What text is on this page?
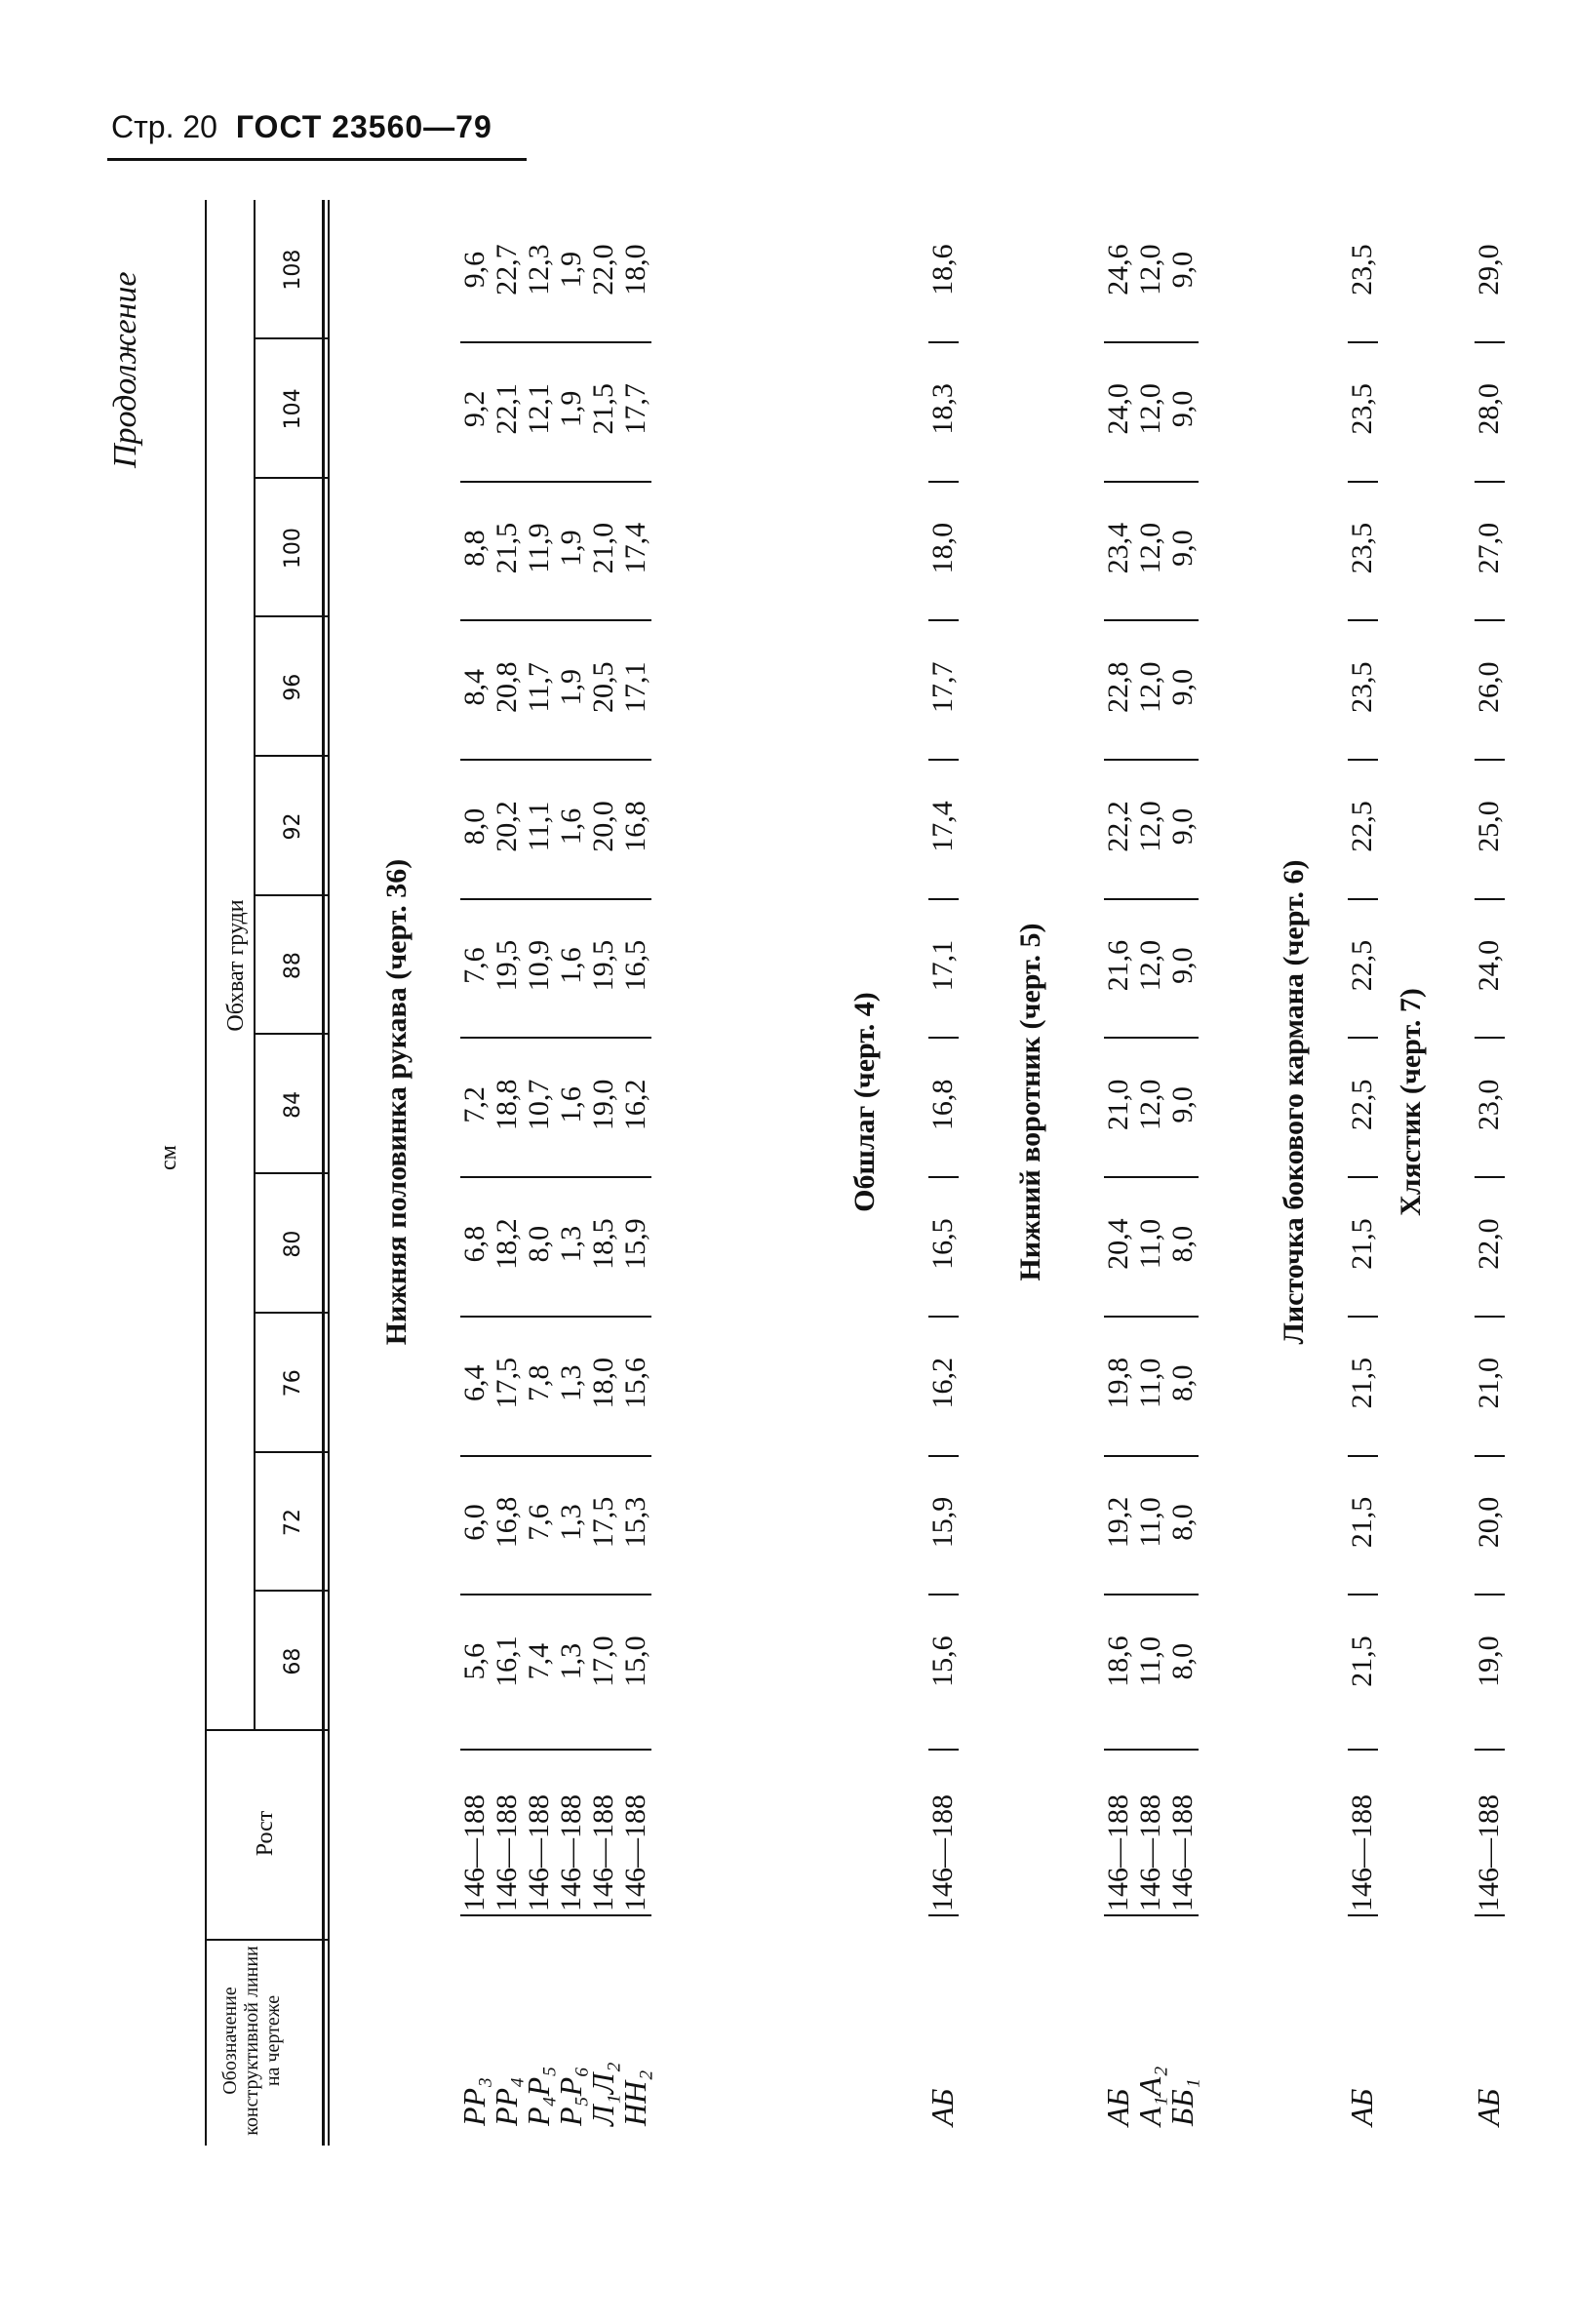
Стр. 20 ГОСТ 23560—79
Продолжение
см
Обозначение конструктивной линии на чертеже
Рост
Обхват груди
68
72
76
80
84
88
92
96
100
104
108
Нижняя половинка рукава (черт. 36)
PP₃
146—188
5,6
6,0
6,4
6,8
7,2
7,6
8,0
8,4
8,8
9,2
9,6
PP₄
146—188
16,1
16,8
17,5
18,2
18,8
19,5
20,2
20,8
21,5
22,1
22,7
P₄P₅
146—188
7,4
7,6
7,8
8,0
10,7
10,9
11,1
11,7
11,9
12,1
12,3
P₅P₆
146—188
1,3
1,3
1,3
1,3
1,6
1,6
1,6
1,9
1,9
1,9
1,9
Л₁Л₂
146—188
17,0
17,5
18,0
18,5
19,0
19,5
20,0
20,5
21,0
21,5
22,0
НН₂
146—188
15,0
15,3
15,6
15,9
16,2
16,5
16,8
17,1
17,4
17,7
18,0
Обшлаг (черт. 4)
АБ
146—188
15,6
15,9
16,2
16,5
16,8
17,1
17,4
17,7
18,0
18,3
18,6
Нижний воротник (черт. 5)
АБ
146—188
18,6
19,2
19,8
20,4
21,0
21,6
22,2
22,8
23,4
24,0
24,6
А₁А₂
146—188
11,0
11,0
11,0
11,0
12,0
12,0
12,0
12,0
12,0
12,0
12,0
ББ₁
146—188
8,0
8,0
8,0
8,0
9,0
9,0
9,0
9,0
9,0
9,0
9,0
Листочка бокового кармана (черт. 6)
АБ
146—188
21,5
21,5
21,5
21,5
22,5
22,5
22,5
23,5
23,5
23,5
23,5
Хлястик (черт. 7)
АБ
146—188
19,0
20,0
21,0
22,0
23,0
24,0
25,0
26,0
27,0
28,0
29,0
